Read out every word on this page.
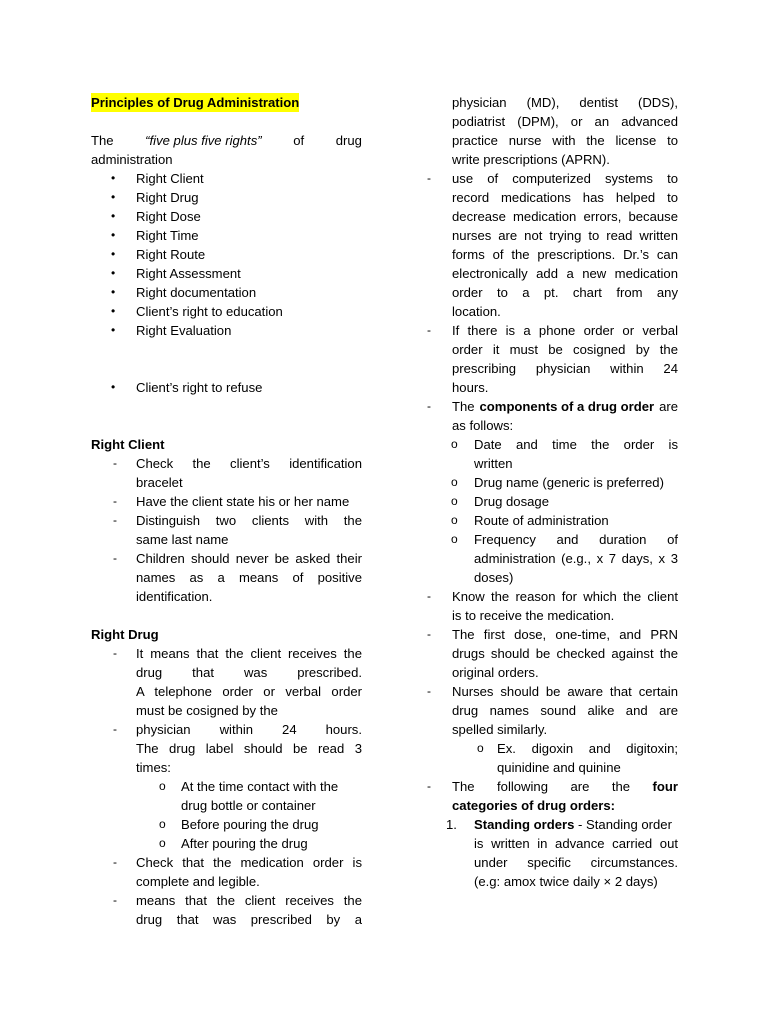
Principles of Drug Administration
The “five plus five rights” of drug
administration
• Right Client
• Right Drug
• Right Dose
• Right Time
• Right Route
• Right Assessment
• Right documentation
• Client’s right to education
• Right Evaluation
• Client’s right to refuse
Right Client
- Check the client’s identification
bracelet
- Have the client state his or her name
- Distinguish two clients with the
same last name
- Children should never be asked their
names as a means of positive
identification.
Right Drug
- It means that the client receives the
drug that was prescribed.
A telephone order or verbal order
must be cosigned by the
- physician within 24 hours.
The drug label should be read 3
times:
o At the time contact with the
drug bottle or container
o Before pouring the drug
o After pouring the drug
- Check that the medication order is
complete and legible.
- means that the client receives the
drug that was prescribed by a
physician (MD), dentist (DDS),
podiatrist (DPM), or an advanced
practice nurse with the license to
write prescriptions (APRN).
- use of computerized systems to
record medications has helped to
decrease medication errors, because
nurses are not trying to read written
forms of the prescriptions. Dr.’s can
electronically add a new medication
order to a pt. chart from any
location.
- If there is a phone order or verbal
order it must be cosigned by the
prescribing physician within 24
hours.
- The components of a drug order are
as follows:
o Date and time the order is
written
o Drug name (generic is preferred)
o Drug dosage
o Route of administration
o Frequency and duration of
administration (e.g., x 7 days, x 3
doses)
- Know the reason for which the client
is to receive the medication.
- The first dose, one-time, and PRN
drugs should be checked against the
original orders.
- Nurses should be aware that certain
drug names sound alike and are
spelled similarly.
o Ex. digoxin and digitoxin;
quinidine and quinine
- The following are the four
categories of drug orders:
1. Standing orders - Standing order
is written in advance carried out
under specific circumstances.
(e.g: amox twice daily × 2 days)
